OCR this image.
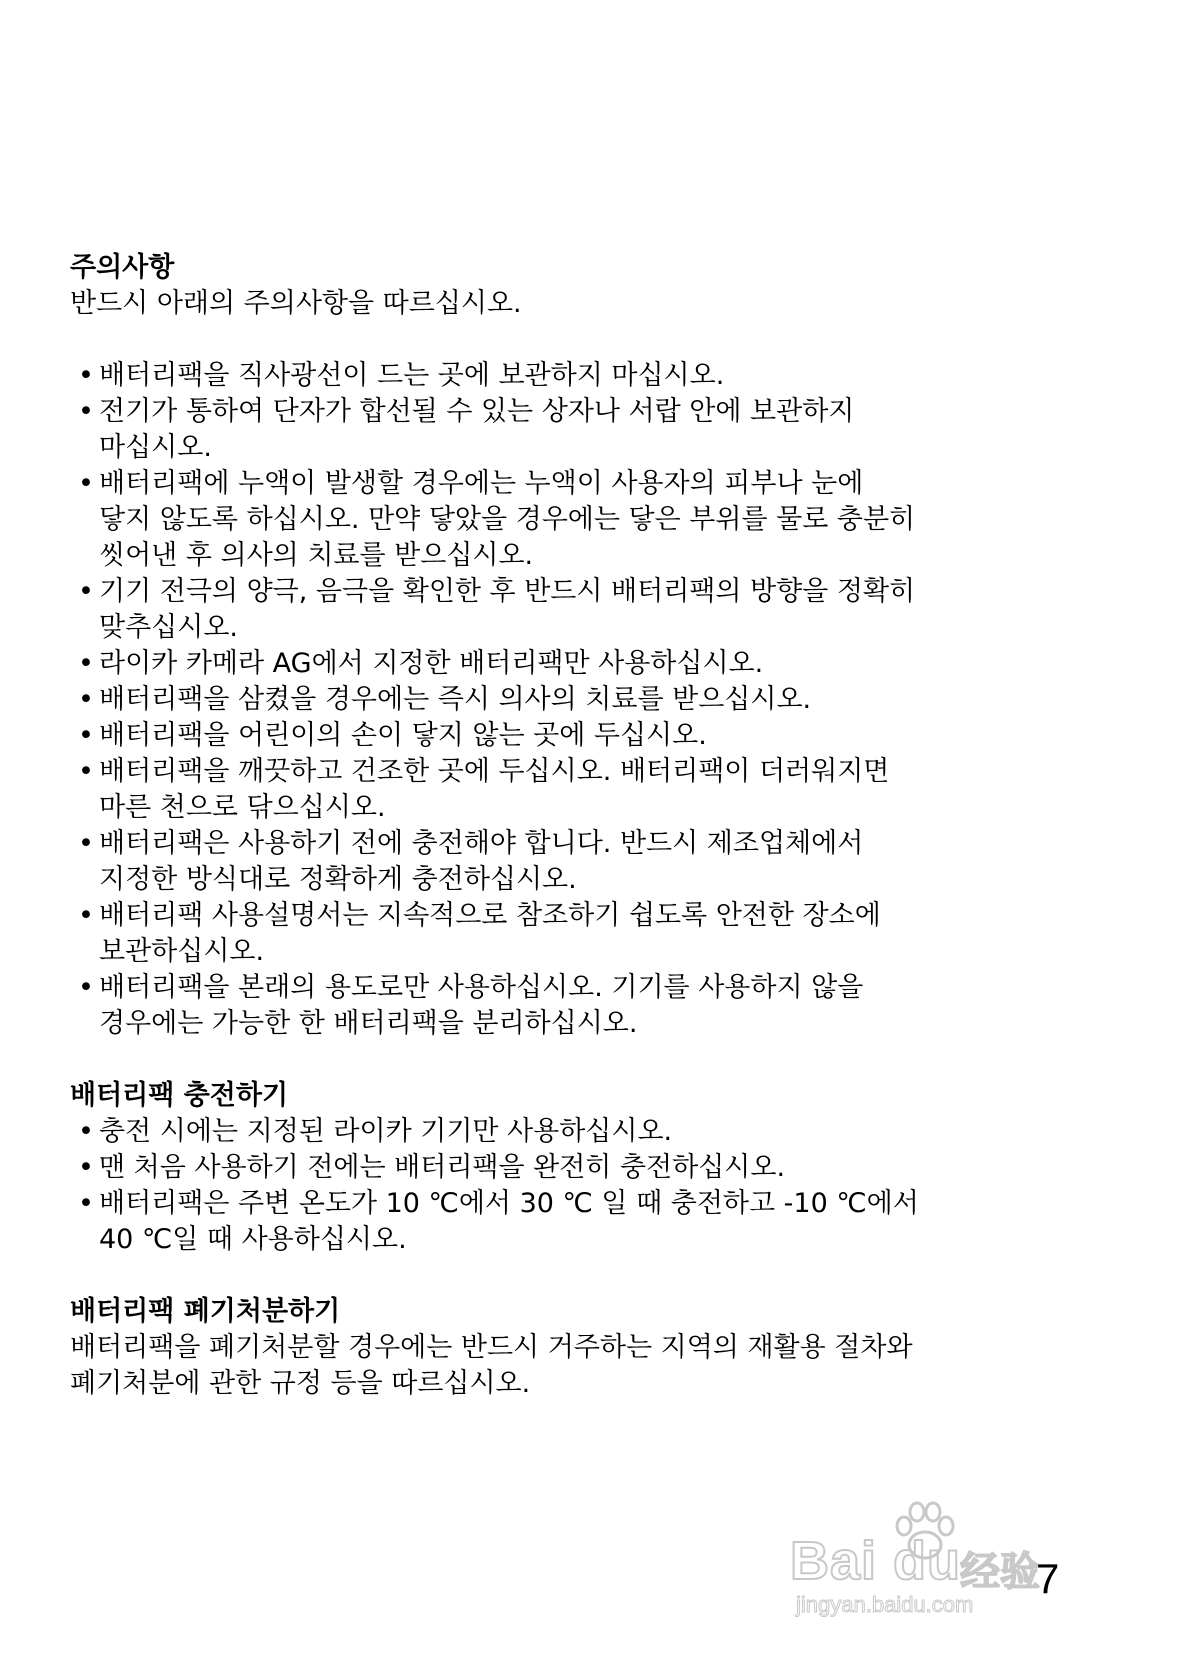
주의사항

반드시 아래의 주의사항을 따르십시오.

• 배터리팩을 직사광선이 드는 곳에 보관하지 마십시오.
• 전기가 통하여 단자가 합선될 수 있는 상자나 서랍 안에 보관하지
마십시오.
• 배터리팩에 누액이 발생할 경우에는 누액이 사용자의 피부나 눈에
닿지 않도록 하십시오. 만약 닿았을 경우에는 닿은 부위를 물로 충분히
씻어낸 후 의사의 치료를 받으십시오.
• 기기 전극의 양극, 음극을 확인한 후 반드시 배터리팩의 방향을 정확히
맞추십시오.
• 라이카 카메라 AG에서 지정한 배터리팩만 사용하십시오.
• 배터리팩을 삼켰을 경우에는 즉시 의사의 치료를 받으십시오.
• 배터리팩을 어린이의 손이 닿지 않는 곳에 두십시오.
• 배터리팩을 깨끗하고 건조한 곳에 두십시오. 배터리팩이 더러워지면
마른 천으로 닦으십시오.
• 배터리팩은 사용하기 전에 충전해야 합니다. 반드시 제조업체에서
지정한 방식대로 정확하게 충전하십시오.
• 배터리팩 사용설명서는 지속적으로 참조하기 쉽도록 안전한 장소에
보관하십시오.
• 배터리팩을 본래의 용도로만 사용하십시오. 기기를 사용하지 않을
경우에는 가능한 한 배터리팩을 분리하십시오.
배터리팩 충전하기
• 충전 시에는 지정된 라이카 기기만 사용하십시오.
• 맨 처음 사용하기 전에는 배터리팩을 완전히 충전하십시오.
• 배터리팩은 주변 온도가 10 ℃에서 30 ℃ 일 때 충전하고 -10 ℃에서
40 ℃일 때 사용하십시오.
배터리팩 폐기처분하기

배터리팩을 폐기처분할 경우에는 반드시 거주하는 지역의 재활용 절차와
폐기처분에 관한 규정 등을 따르십시오.

Bai du
经验
jingyan.baidu.com
7
